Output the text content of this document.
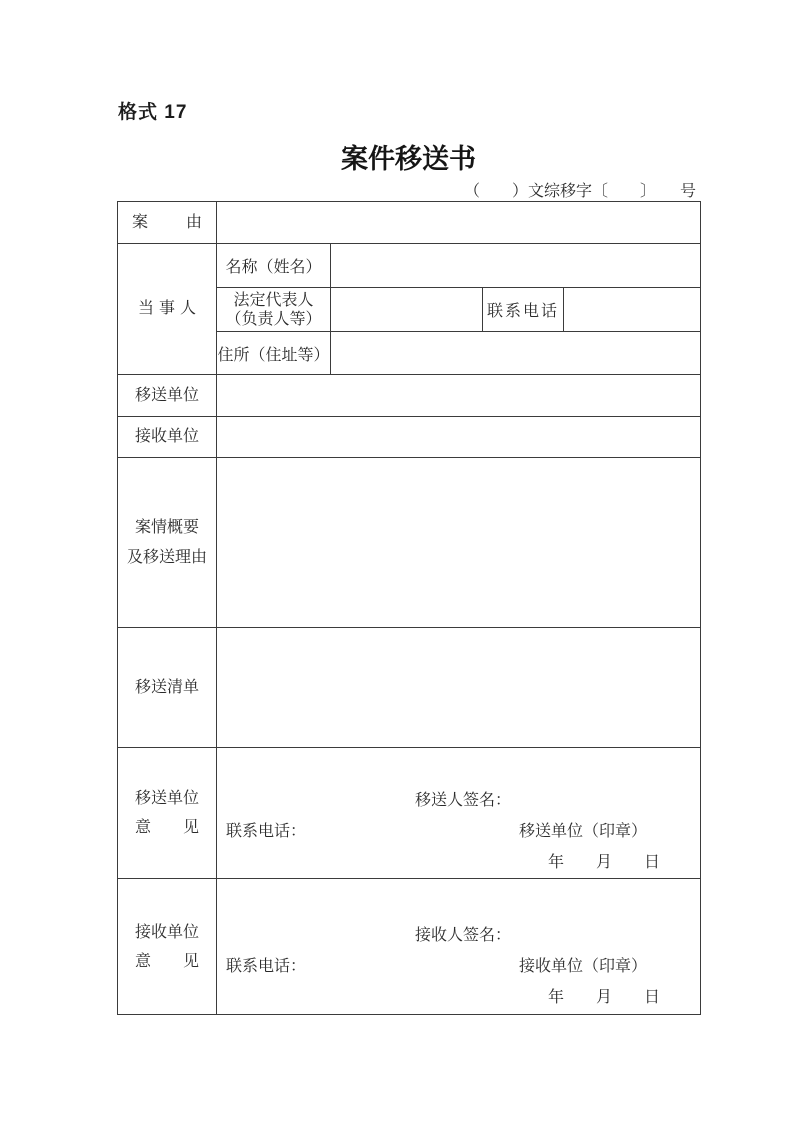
格式 17
案件移送书
（　　）文综移字〔　　〕　　号
案由				

当事人	名称（姓名）			

	法定代表人
（负责人等）		联系电话	
	住所（住址等）			
移送单位				
接收单位				

案情概要
及移送理由				

移送清单				

移送单位
意见

移送人签名：
联系电话：	移送单位（印章）
年　　月　　日

接收单位
意见

接收人签名：
联系电话：	接收单位（印章）
年　　月　　日
